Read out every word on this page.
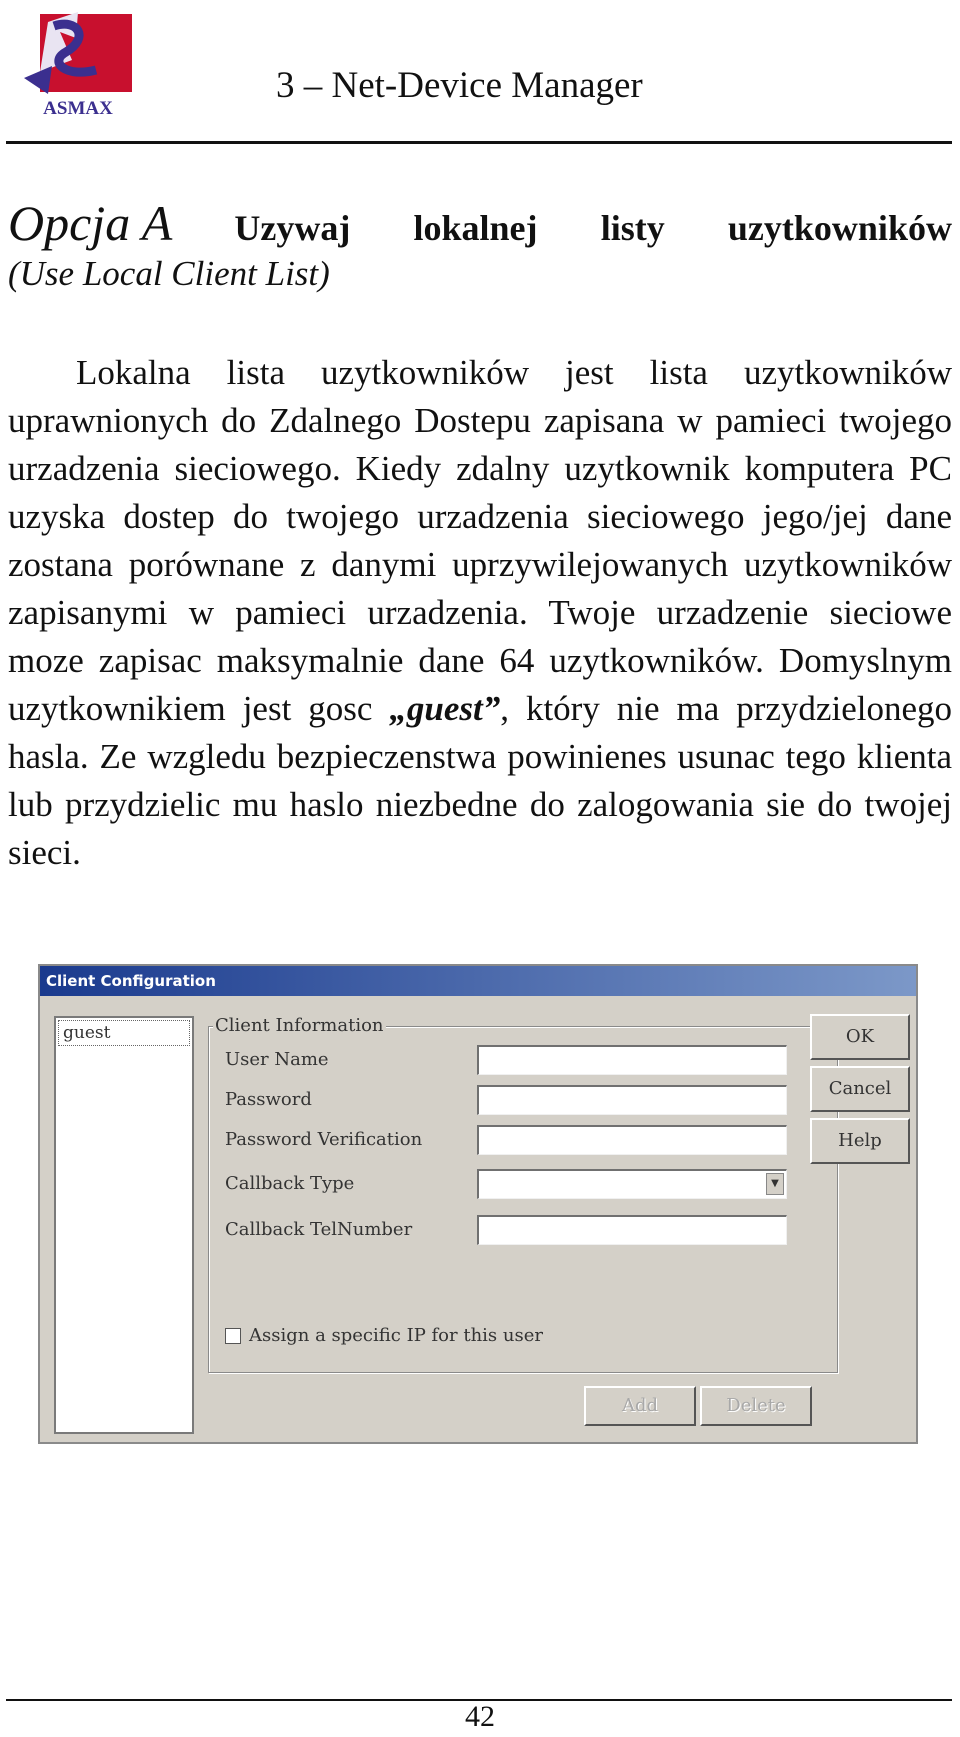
ASMAX
3 – Net-Device Manager
Opcja A Uzywaj lokalnej listy uzytkowników
(Use Local Client List)

Lokalna lista uzytkowników jest lista uzytkowników uprawnionych do Zdalnego Dostepu zapisana w pamieci twojego urzadzenia sieciowego. Kiedy zdalny uzytkownik komputera PC uzyska dostep do twojego urzadzenia sieciowego jego/jej dane zostana porównane z danymi uprzywilejowanych uzytkowników zapisanymi w pamieci urzadzenia. Twoje urzadzenie sieciowe moze zapisac maksymalnie dane 64 uzytkowników. Domyslnym uzytkownikiem jest gosc „guest”, który nie ma przydzielonego hasla. Ze wzgledu bezpieczenstwa powinienes usunac tego klienta lub przydzielic mu haslo niezbedne do zalogowania sie do twojej sieci.

Client Configuration
guest	Client Information
User Name
Password
Password Verification
Callback Type	▼
Callback TelNumber
Assign a specific IP for this user
OK
Cancel
Help
Add	Delete
42
